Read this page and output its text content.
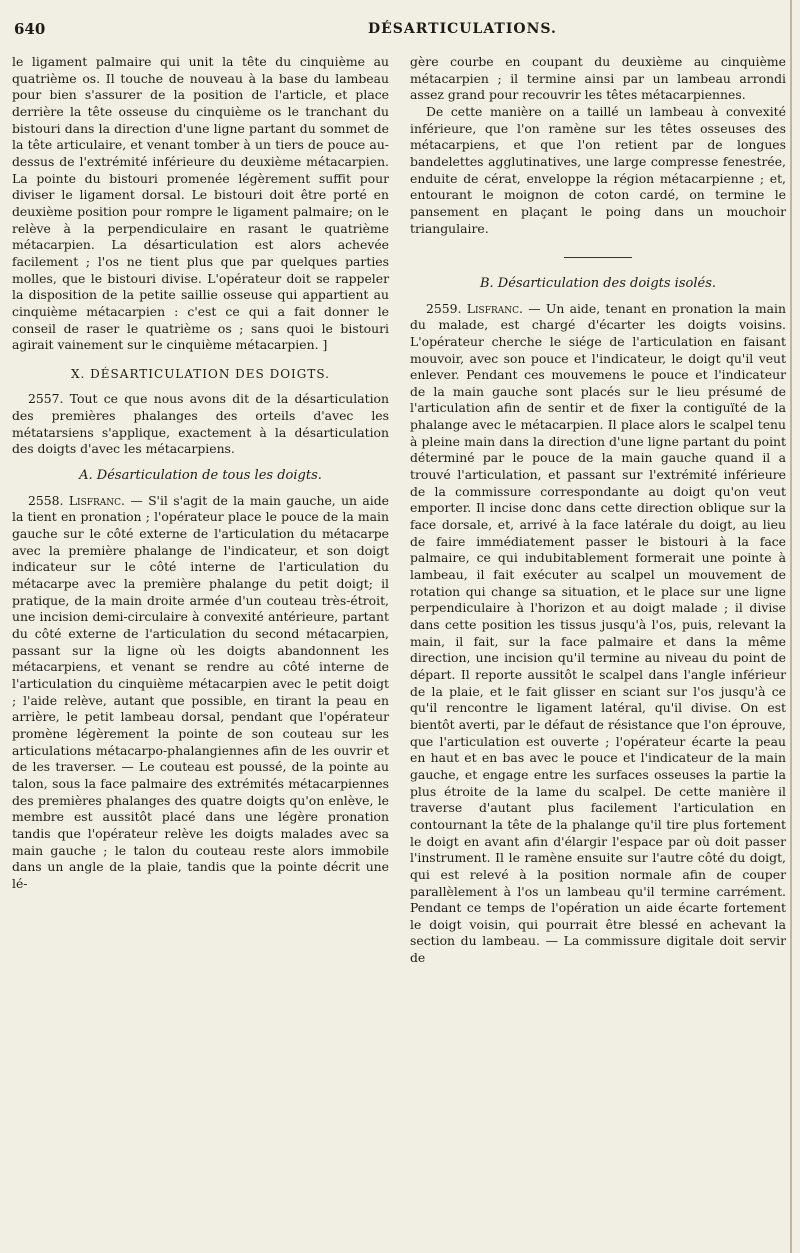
640	DÉSARTICULATIONS.

le ligament palmaire qui unit la tête du cinquième au quatrième os. Il touche de nouveau à la base du lambeau pour bien s'assurer de la position de l'article, et place derrière la tête osseuse du cinquième os le tranchant du bistouri dans la direction d'une ligne partant du sommet de la tête articulaire, et venant tomber à un tiers de pouce au-dessus de l'extrémité inférieure du deuxième métacarpien. La pointe du bistouri promenée légèrement suffit pour diviser le ligament dorsal. Le bistouri doit être porté en deuxième position pour rompre le ligament palmaire; on le relève à la perpendiculaire en rasant le quatrième métacarpien. La désarticulation est alors achevée facilement ; l'os ne tient plus que par quelques parties molles, que le bistouri divise. L'opérateur doit se rappeler la disposition de la petite saillie osseuse qui appartient au cinquième métacarpien : c'est ce qui a fait donner le conseil de raser le quatrième os ; sans quoi le bistouri agirait vainement sur le cinquième métacarpien. ]

X. DÉSARTICULATION DES DOIGTS.

2557. Tout ce que nous avons dit de la désarticulation des premières phalanges des orteils d'avec les métatarsiens s'applique, exactement à la désarticulation des doigts d'avec les métacarpiens.

A. Désarticulation de tous les doigts.

2558. Lisfranc. — S'il s'agit de la main gauche, un aide la tient en pronation ; l'opérateur place le pouce de la main gauche sur le côté externe de l'articulation du métacarpe avec la première phalange de l'indicateur, et son doigt indicateur sur le côté interne de l'articulation du métacarpe avec la première phalange du petit doigt; il pratique, de la main droite armée d'un couteau très-étroit, une incision demi-circulaire à convexité antérieure, partant du côté externe de l'articulation du second métacarpien, passant sur la ligne où les doigts abandonnent les métacarpiens, et venant se rendre au côté interne de l'articulation du cinquième métacarpien avec le petit doigt ; l'aide relève, autant que possible, en tirant la peau en arrière, le petit lambeau dorsal, pendant que l'opérateur promène légèrement la pointe de son couteau sur les articulations métacarpo-phalangiennes afin de les ouvrir et de les traverser. — Le couteau est poussé, de la pointe au talon, sous la face palmaire des extrémités métacarpiennes des premières phalanges des quatre doigts qu'on enlève, le membre est aussitôt placé dans une légère pronation tandis que l'opérateur relève les doigts malades avec sa main gauche ; le talon du couteau reste alors immobile dans un angle de la plaie, tandis que la pointe décrit une lé-

gère courbe en coupant du deuxième au cinquième métacarpien ; il termine ainsi par un lambeau arrondi assez grand pour recouvrir les têtes métacarpiennes.

De cette manière on a taillé un lambeau à convexité inférieure, que l'on ramène sur les têtes osseuses des métacarpiens, et que l'on retient par de longues bandelettes agglutinatives, une large compresse fenestrée, enduite de cérat, enveloppe la région métacarpienne ; et, entourant le moignon de coton cardé, on termine le pansement en plaçant le poing dans un mouchoir triangulaire.

B. Désarticulation des doigts isolés.

2559. Lisfranc. — Un aide, tenant en pronation la main du malade, est chargé d'écarter les doigts voisins. L'opérateur cherche le siége de l'articulation en faisant mouvoir, avec son pouce et l'indicateur, le doigt qu'il veut enlever. Pendant ces mouvemens le pouce et l'indicateur de la main gauche sont placés sur le lieu présumé de l'articulation afin de sentir et de fixer la contiguïté de la phalange avec le métacarpien. Il place alors le scalpel tenu à pleine main dans la direction d'une ligne partant du point déterminé par le pouce de la main gauche quand il a trouvé l'articulation, et passant sur l'extrémité inférieure de la commissure correspondante au doigt qu'on veut emporter. Il incise donc dans cette direction oblique sur la face dorsale, et, arrivé à la face latérale du doigt, au lieu de faire immédiatement passer le bistouri à la face palmaire, ce qui indubitablement formerait une pointe à lambeau, il fait exécuter au scalpel un mouvement de rotation qui change sa situation, et le place sur une ligne perpendiculaire à l'horizon et au doigt malade ; il divise dans cette position les tissus jusqu'à l'os, puis, relevant la main, il fait, sur la face palmaire et dans la même direction, une incision qu'il termine au niveau du point de départ. Il reporte aussitôt le scalpel dans l'angle inférieur de la plaie, et le fait glisser en sciant sur l'os jusqu'à ce qu'il rencontre le ligament latéral, qu'il divise. On est bientôt averti, par le défaut de résistance que l'on éprouve, que l'articulation est ouverte ; l'opérateur écarte la peau en haut et en bas avec le pouce et l'indicateur de la main gauche, et engage entre les surfaces osseuses la partie la plus étroite de la lame du scalpel. De cette manière il traverse d'autant plus facilement l'articulation en contournant la tête de la phalange qu'il tire plus fortement le doigt en avant afin d'élargir l'espace par où doit passer l'instrument. Il le ramène ensuite sur l'autre côté du doigt, qui est relevé à la position normale afin de couper parallèlement à l'os un lambeau qu'il termine carrément. Pendant ce temps de l'opération un aide écarte fortement le doigt voisin, qui pourrait être blessé en achevant la section du lambeau. — La commissure digitale doit servir de
